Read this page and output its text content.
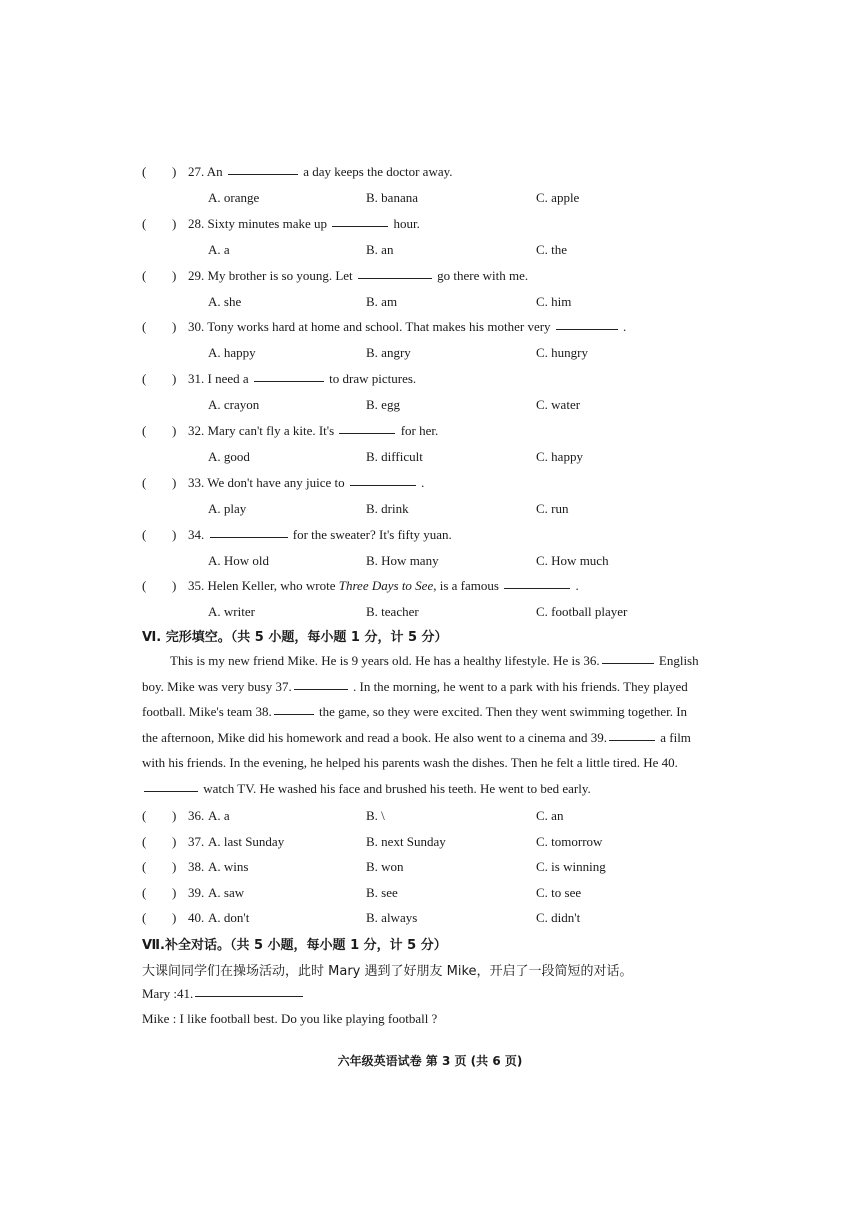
( ) 27. An	a day keeps the doctor away.
A. orange	B. banana	C. apple
( ) 28. Sixty minutes make up	hour.
A. a	B. an	C. the
( ) 29. My brother is so young. Let	go there with me.
A. she	B. am	C. him
( ) 30. Tony works hard at home and school. That makes his mother very	.
A. happy	B. angry	C. hungry
( ) 31. I need a	to draw pictures.
A. crayon	B. egg	C. water
( ) 32. Mary can't fly a kite. It's	for her.
A. good	B. difficult	C. happy
( ) 33. We don't have any juice to	.
A. play	B. drink	C. run
( ) 34.	for the sweater? It's fifty yuan.
A. How old	B. How many	C. How much
( ) 35. Helen Keller, who wrote Three Days to See, is a famous	.
A. writer	B. teacher	C. football player
Ⅵ. 完形填空。（共 5 小题，每小题 1 分，计 5 分）
This is my new friend Mike. He is 9 years old. He has a healthy lifestyle. He is 36.	English
boy. Mike was very busy 37.	. In the morning, he went to a park with his friends. They played
football. Mike's team 38.	the game, so they were excited. Then they went swimming together. In
the afternoon, Mike did his homework and read a book. He also went to a cinema and 39.	a film
with his friends. In the evening, he helped his parents wash the dishes. Then he felt a little tired. He 40.
watch TV. He washed his face and brushed his teeth. He went to bed early.
( ) 36. A. a	B. \	C. an
( ) 37. A. last Sunday	B. next Sunday	C. tomorrow
( ) 38. A. wins	B. won	C. is winning
( ) 39. A. saw	B. see	C. to see
( ) 40. A. don't	B. always	C. didn't
Ⅶ.补全对话。（共 5 小题，每小题 1 分，计 5 分）
大课间同学们在操场活动，此时 Mary 遇到了好朋友 Mike，开启了一段简短的对话。
Mary :41.
Mike : I like football best. Do you like playing football ?
六年级英语试卷 第 3 页 (共 6 页)
